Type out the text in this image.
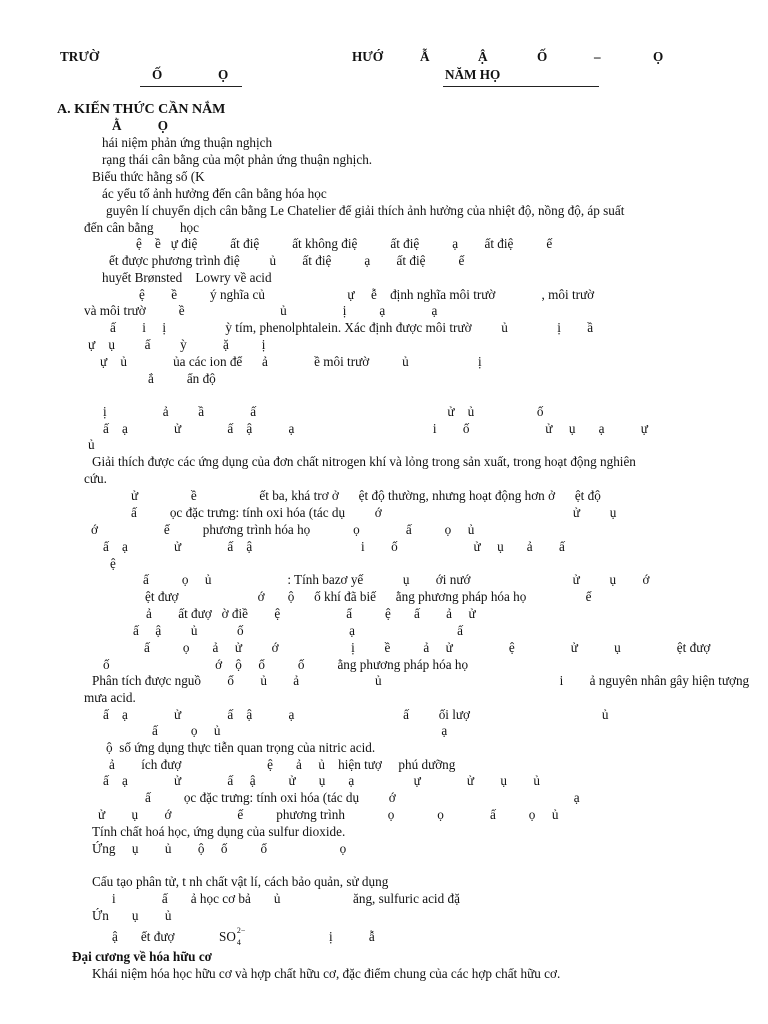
TRƯỜ	HƯỚ	Ẫ	Ậ	Ố	–	Ọ
Ố	Ọ	NĂM HỌ
A. KIẾN THỨC CẦN NẮM
Ằ           Ọ
hái niệm phản ứng thuận nghịch
rạng thái cân bằng của một phản ứng thuận nghịch.
Biểu thức hằng số (K
ác yếu tố ảnh hưởng đến cân bằng hóa học
guyên lí chuyển dịch cân bằng Le Chatelier để giải thích ảnh hưởng của nhiệt độ, nồng độ, áp suất
đến cân bằng        học
ệ    ề   ự điệ          ất điệ          ất không điệ          ất điệ          ạ        ất điệ          ế
ết được phương trình điệ         ủ        ất điệ          ạ        ất điệ          ế
huyết Brønsted    Lowry về acid
ệ        ề          ý nghĩa củ                         ự     ễ    định nghĩa môi trườ              , môi trườ
và môi trườ          ề                             ủ                 ị          ạ              ạ
ấ        i     ị                  ỳ tím, phenolphtalein. Xác định được môi trườ         ủ               ị        ầ
ự    ụ         ấ         ỳ           ặ          ị
ự    ủ              ủa các ion để      ả              ề môi trườ          ủ                     ị
ắ          ẩn độ
ị                 ả         ầ              ấ                                                          ử    ủ                   ố
ấ    ạ              ử              ấ    ậ           ạ                                          i        ố                       ử     ụ       ạ           ự
ủ
Giải thích được các ứng dụng của đơn chất nitrogen khí và lỏng trong sản xuất, trong hoạt động nghiên
cứu.
ử                ề                   ết ba, khá trơ ở      ệt độ thường, nhưng hoạt động hơn ở      ệt độ
ấ          ọc đặc trưng: tính oxi hóa (tác dụ         ớ                                                          ử         ụ
ớ                    ế          phương trình hóa họ             ọ              ấ          ọ     ủ
ấ    ạ              ử              ấ    ậ                                 i        ố                       ử     ụ       ả        ấ
ệ
ấ          ọ     ủ                       : Tính bazơ yế            ụ        ới nướ                               ử         ụ        ớ
ệt đượ                        ớ       ộ      ố khí đã biế      ằng phương pháp hóa họ                  ế
ả        ất đượ   ờ điề        ệ                    ẩ          ệ       ấ        ả     ử
ấ     ậ         ủ            ố                                ạ                               ấ
ấ          ọ       ả     ử         ớ                      ị         ề          ả     ử                 ệ                 ử           ụ                 ệt đượ
ố                                ớ    ộ     ố          ố          ằng phương pháp hóa họ
Phân tích được nguồ        ố        ủ        ả                       ủ                                                      i        ả nguyên nhân gây hiện tượng
mưa acid.
ấ    ạ              ử              ấ    ậ           ạ                                 ấ         ối lượ                                        ủ
ấ          ọ     ủ                                                                   ạ
ộ  số ứng dụng thực tiễn quan trọng của nitric acid.
ả        ích đượ                          ệ       ả     ủ    hiện tượ     phú dưỡng
ấ    ạ              ử              ấ     ậ          ử       ụ       ạ                  ự              ử        ụ        ủ
ấ          ọc đặc trưng: tính oxi hóa (tác dụ         ớ                                                      ạ
ử        ụ        ớ                    ế          phương trình             ọ             ọ              ấ          ọ     ủ
Tính chất hoá học, ứng dụng của sulfur dioxide.
Ứng     ụ        ủ        ộ     ố          ố                      ọ
Cấu tạo phân tử, t nh chất vật lí, cách bảo quản, sử dụng
i              ấ       ả học cơ bả       ủ                      ăng, sulfuric acid đặ
Ứn       ụ        ủ
ậ       ết đượ	SO 2−
4	ị           ẫ
Đại cương về hóa hữu cơ
Khái niệm hóa học hữu cơ và hợp chất hữu cơ, đặc điểm chung của các hợp chất hữu cơ.
